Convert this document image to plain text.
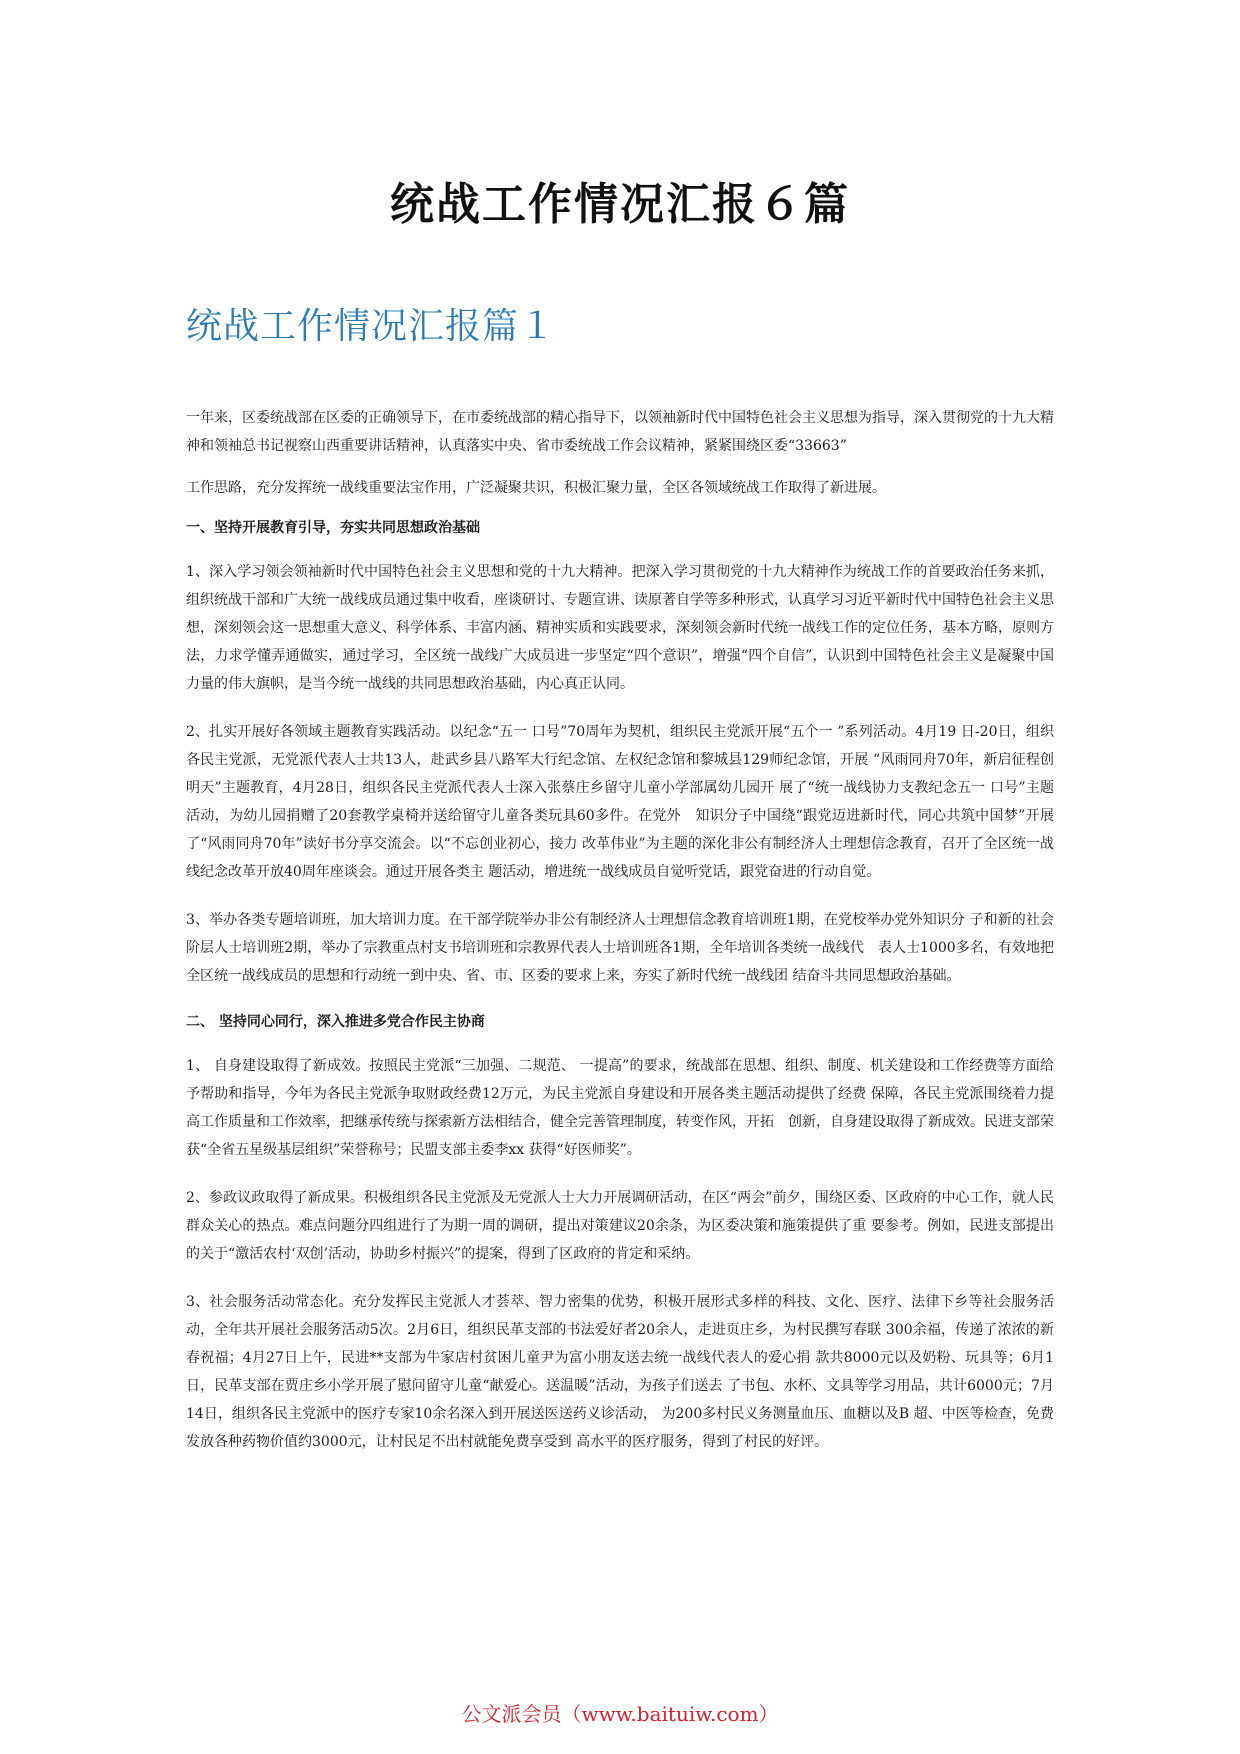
统战工作情况汇报６篇
统战工作情况汇报篇１

一年来，区委统战部在区委的正确领导下，在市委统战部的精心指导下，以领袖新时代中国特色社会主义思想为指导，深入贯彻党的十九大精神和领袖总书记视察山西重要讲话精神，认真落实中央、省市委统战工作会议精神，紧紧围绕区委“33663”

工作思路，充分发挥统一战线重要法宝作用，广泛凝聚共识，积极汇聚力量，全区各领域统战工作取得了新进展。

一、坚持开展教育引导，夯实共同思想政治基础

1、深入学习领会领袖新时代中国特色社会主义思想和党的十九大精神。把深入学习贯彻党的十九大精神作为统战工作的首要政治任务来抓，组织统战干部和广大统一战线成员通过集中收看，座谈研讨、专题宣讲、读原著自学等多种形式，认真学习习近平新时代中国特色社会主义思想，深刻领会这一思想重大意义、科学体系、丰富内涵、精神实质和实践要求，深刻领会新时代统一战线工作的定位任务，基本方略，原则方法，力求学懂弄通做实，通过学习，全区统一战线广大成员进一步坚定“四个意识”，增强“四个自信”，认识到中国特色社会主义是凝聚中国力量的伟大旗帜，是当今统一战线的共同思想政治基础，内心真正认同。

2、扎实开展好各领域主题教育实践活动。以纪念“五一 口号”70周年为契机，组织民主党派开展“五个一 ”系列活动。4月19 日-20日，组织各民主党派，无党派代表人士共13人，赴武乡县八路军大行纪念馆、左权纪念馆和黎城县129师纪念馆，开展 “风雨同舟70年，新启征程创明天”主题教育，4月28日，组织各民主党派代表人士深入张蔡庄乡留守儿童小学部属幼儿园开 展了“统一战线协力支教纪念五一 口号”主题活动，为幼儿园捐赠了20套教学桌椅并送给留守儿童各类玩具60多件。在党外　知识分子中国绕“跟党迈进新时代，同心共筑中国梦”开展了“风雨同舟70年”读好书分享交流会。以“不忘创业初心，接力 改革伟业”为主题的深化非公有制经济人士理想信念教育，召开了全区统一战线纪念改革开放40周年座谈会。通过开展各类主 题活动，增进统一战线成员自觉听党话，跟党奋进的行动自觉。

3、举办各类专题培训班，加大培训力度。在干部学院举办非公有制经济人士理想信念教育培训班1期，在党校举办党外知识分 子和新的社会阶层人士培训班2期，举办了宗教重点村支书培训班和宗教界代表人士培训班各1期，全年培训各类统一战线代　表人士1000多名，有效地把全区统一战线成员的思想和行动统一到中央、省、市、区委的要求上来，夯实了新时代统一战线团 结奋斗共同思想政治基础。

二、 坚持同心同行，深入推进多党合作民主协商

1、 自身建设取得了新成效。按照民主党派“三加强、二规范、 一提高”的要求，统战部在思想、组织、制度、机关建设和工作经费等方面给予帮助和指导，今年为各民主党派争取财政经费12万元，为民主党派自身建设和开展各类主题活动提供了经费 保障，各民主党派围绕着力提高工作质量和工作效率，把继承传统与探索新方法相结合，健全完善管理制度，转变作风，开拓　创新，自身建设取得了新成效。民进支部荣获“全省五星级基层组织”荣誉称号；民盟支部主委李xx 获得“好医师奖”。

2、参政议政取得了新成果。积极组织各民主党派及无党派人士大力开展调研活动，在区“两会”前夕，围绕区委、区政府的中心工作，就人民群众关心的热点。难点问题分四组进行了为期一周的调研，提出对策建议20余条，为区委决策和施策提供了重 要参考。例如，民进支部提出的关于“激活农村‘双创’活动，协助乡村振兴”的提案，得到了区政府的肯定和采纳。

3、社会服务活动常态化。充分发挥民主党派人才荟萃、智力密集的优势，积极开展形式多样的科技、文化、医疗、法律下乡等社会服务活动，全年共开展社会服务活动5次。2月6日，组织民革支部的书法爱好者20余人，走进页庄乡，为村民撰写春联 300余福，传递了浓浓的新春祝福；4月27日上午，民进**支部为牛家店村贫困儿童尹为富小朋友送去统一战线代表人的爱心捐 款共8000元以及奶粉、玩具等；6月1日，民革支部在贾庄乡小学开展了慰问留守儿童“献爱心。送温暖”活动，为孩子们送去 了书包、水杯、文具等学习用品，共计6000元；7月14日，组织各民主党派中的医疗专家10余名深入到开展送医送药义诊活动， 为200多村民义务测量血压、血糖以及B 超、中医等检查，免费发放各种药物价值约3000元，让村民足不出村就能免费享受到 高水平的医疗服务，得到了村民的好评。

公文派会员（www.baituiw.com）
